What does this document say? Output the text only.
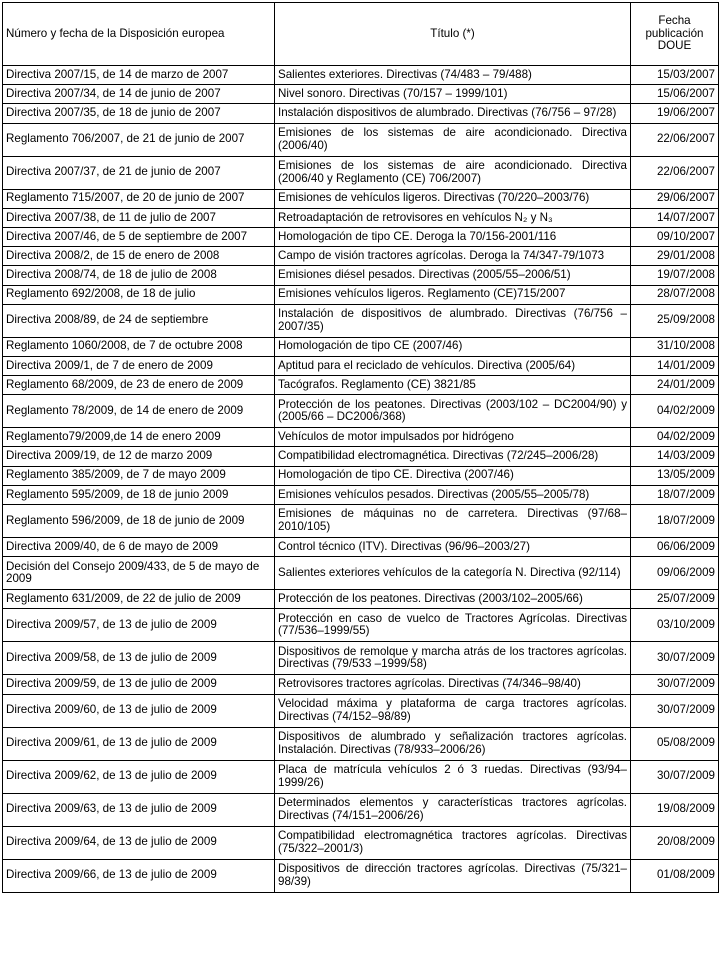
Número y fecha de la Disposición europea	Título (*)	Fecha
publicación
DOUE

Directiva 2007/15, de 14 de marzo de 2007	Salientes exteriores. Directivas (74/483 – 79/488)	15/03/2007
Directiva 2007/34, de 14 de junio de 2007	Nivel sonoro. Directivas (70/157 – 1999/101)	15/06/2007
Directiva 2007/35, de 18 de junio de 2007	Instalación dispositivos de alumbrado. Directivas (76/756 – 97/28)	19/06/2007
Reglamento 706/2007, de 21 de junio de 2007	Emisiones de los sistemas de aire acondicionado. Directiva (2006/40)	22/06/2007
Directiva 2007/37, de 21 de junio de 2007	Emisiones de los sistemas de aire acondicionado. Directiva (2006/40 y Reglamento (CE) 706/2007)	22/06/2007
Reglamento 715/2007, de 20 de junio de 2007	Emisiones de vehículos ligeros. Directivas (70/220–2003/76)	29/06/2007
Directiva 2007/38, de 11 de julio de 2007	Retroadaptación de retrovisores en vehículos N₂ y N₃	14/07/2007
Directiva 2007/46, de 5 de septiembre de 2007	Homologación de tipo CE. Deroga la 70/156-2001/116	09/10/2007
Directiva 2008/2, de 15 de enero de 2008	Campo de visión tractores agrícolas. Deroga la 74/347-79/1073	29/01/2008
Directiva 2008/74, de 18 de julio de 2008	Emisiones diésel pesados. Directivas (2005/55–2006/51)	19/07/2008
Reglamento 692/2008, de 18 de julio	Emisiones vehículos ligeros. Reglamento (CE)715/2007	28/07/2008
Directiva 2008/89, de 24 de septiembre	Instalación de dispositivos de alumbrado. Directivas (76/756 – 2007/35)	25/09/2008
Reglamento 1060/2008, de 7 de octubre 2008	Homologación de tipo CE (2007/46)	31/10/2008
Directiva 2009/1, de 7 de enero de 2009	Aptitud para el reciclado de vehículos. Directiva (2005/64)	14/01/2009
Reglamento 68/2009, de 23 de enero de 2009	Tacógrafos. Reglamento (CE) 3821/85	24/01/2009
Reglamento 78/2009, de 14 de enero de 2009	Protección de los peatones. Directivas (2003/102 – DC2004/90) y (2005/66 – DC2006/368)	04/02/2009
Reglamento79/2009,de 14 de enero 2009	Vehículos de motor impulsados por hidrógeno	04/02/2009
Directiva 2009/19, de 12 de marzo 2009	Compatibilidad electromagnética. Directivas (72/245–2006/28)	14/03/2009
Reglamento 385/2009, de 7 de mayo 2009	Homologación de tipo CE. Directiva (2007/46)	13/05/2009
Reglamento 595/2009, de 18 de junio 2009	Emisiones vehículos pesados. Directivas (2005/55–2005/78)	18/07/2009
Reglamento 596/2009, de 18 de junio de 2009	Emisiones de máquinas no de carretera. Directivas (97/68–2010/105)	18/07/2009
Directiva 2009/40, de 6 de mayo de 2009	Control técnico (ITV). Directivas (96/96–2003/27)	06/06/2009
Decisión del Consejo 2009/433, de 5 de mayo de 2009	Salientes exteriores vehículos de la categoría N. Directiva (92/114)	09/06/2009
Reglamento 631/2009, de 22 de julio de 2009	Protección de los peatones. Directivas (2003/102–2005/66)	25/07/2009
Directiva 2009/57, de 13 de julio de 2009	Protección en caso de vuelco de Tractores Agrícolas. Directivas (77/536–1999/55)	03/10/2009
Directiva 2009/58, de 13 de julio de 2009	Dispositivos de remolque y marcha atrás de los tractores agrícolas. Directivas (79/533 –1999/58)	30/07/2009
Directiva 2009/59, de 13 de julio de 2009	Retrovisores tractores agrícolas. Directivas (74/346–98/40)	30/07/2009
Directiva 2009/60, de 13 de julio de 2009	Velocidad máxima y plataforma de carga tractores agrícolas. Directivas (74/152–98/89)	30/07/2009
Directiva 2009/61, de 13 de julio de 2009	Dispositivos de alumbrado y señalización tractores agrícolas. Instalación. Directivas (78/933–2006/26)	05/08/2009
Directiva 2009/62, de 13 de julio de 2009	Placa de matrícula vehículos 2 ó 3 ruedas. Directivas (93/94–1999/26)	30/07/2009
Directiva 2009/63, de 13 de julio de 2009	Determinados elementos y características tractores agrícolas. Directivas (74/151–2006/26)	19/08/2009
Directiva 2009/64, de 13 de julio de 2009	Compatibilidad electromagnética tractores agrícolas. Directivas (75/322–2001/3)	20/08/2009
Directiva 2009/66, de 13 de julio de 2009	Dispositivos de dirección tractores agrícolas. Directivas (75/321–98/39)	01/08/2009
